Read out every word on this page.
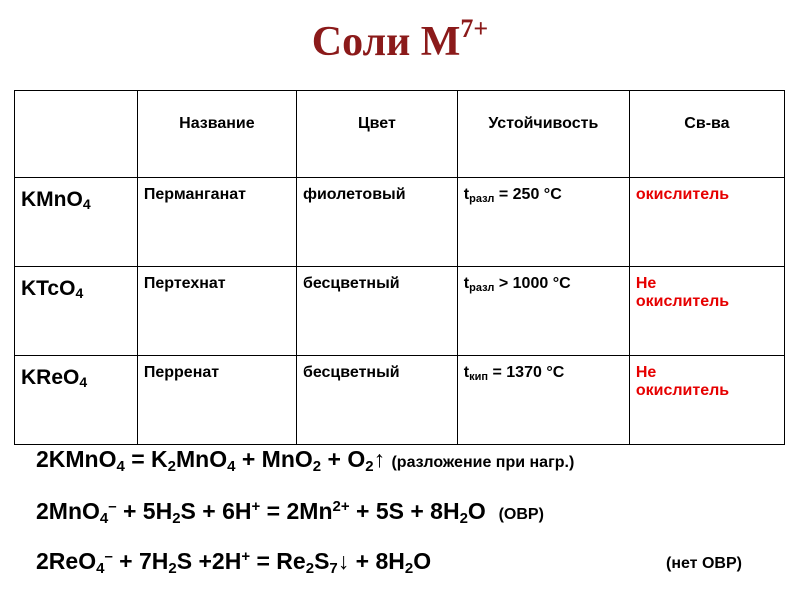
Соли $M^{7+}$
	Название	Цвет	Устойчивость	Св-ва
KMnO$_4$	Перманганат	фиолетовый	$t_{разл} = 250$ °C	окислитель

KTcO$_4$	Пертехнат	бесцветный	$t_{разл} > 1000$ °C	Не
окислитель
KReO$_4$	Перренат	бесцветный	$t_{кип} = 1370$ °C	Не
окислитель
2KMnO$_4$ = $K_2MnO_4 + MnO_2$ + $O_2↑$ (разложение при нагр.)
$2MnO_4^- + 5H_2S + 6H^+ = 2Mn^{2+} + 5S + 8H_2O$ (ОВР)
$2ReO_4^- + 7H_2S +2H^+$ = $Re_2S_7↓ + 8H_2O$	(нет ОВР)
